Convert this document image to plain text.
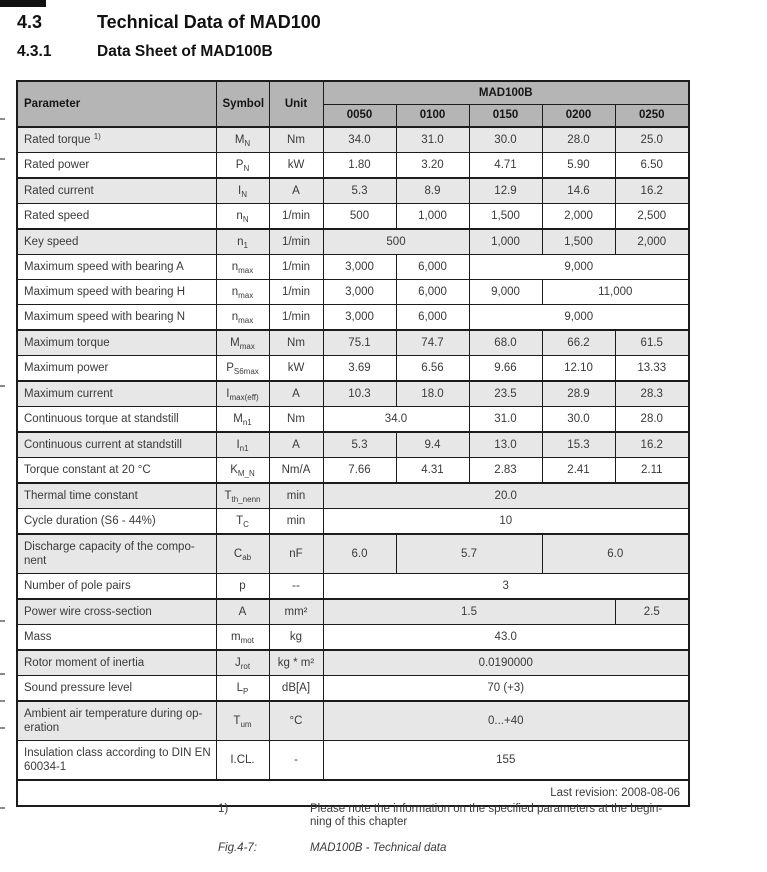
4.3	Technical Data of MAD100
4.3.1	Data Sheet of MAD100B
Parameter	Symbol	Unit	MAD100B				
			0050	0100	0150	0200	0250
Rated torque $^{1)}$	$M_N$	Nm	34.0	31.0	30.0	28.0	25.0
Rated power	$P_N$	kW	1.80	3.20	4.71	5.90	6.50
Rated current	$I_N$	A	5.3	8.9	12.9	14.6	16.2
Rated speed	$n_N$	1/min	500	1,000	1,500	2,000	2,500
Key speed	$n_1$	1/min	500		1,000	1,500	2,000
Maximum speed with bearing A	$n_{max}$	1/min	3,000	6,000	9,000		
Maximum speed with bearing H	$n_{max}$	1/min	3,000	6,000	9,000	11,000	
Maximum speed with bearing N	$n_{max}$	1/min	3,000	6,000	9,000		
Maximum torque	$M_{max}$	Nm	75.1	74.7	68.0	66.2	61.5
Maximum power	$P_{S6max}$	kW	3.69	6.56	9.66	12.10	13.33
Maximum current	$I_{max(eff)}$	A	10.3	18.0	23.5	28.9	28.3
Continuous torque at standstill	$M_{n1}$	Nm	34.0		31.0	30.0	28.0
Continuous current at standstill	$I_{n1}$	A	5.3	9.4	13.0	15.3	16.2
Torque constant at 20 °C	$K_{M\_N}$	Nm/A	7.66	4.31	2.83	2.41	2.11
Thermal time constant	$T_{th\_nenn}$	min	20.0				
Cycle duration (S6 - 44%)	$T_C$	min	10				
Discharge capacity of the compo-
nent	$C_{ab}$	nF	6.0	5.7		6.0	
Number of pole pairs	p	--	3				
Power wire cross-section	A	mm²	1.5				2.5
Mass	$m_{mot}$	kg	43.0				
Rotor moment of inertia	$J_{rot}$	kg * m²	0.0190000				
Sound pressure level	$L_P$	dB[A]	70 (+3)				
Ambient air temperature during op-
eration	$T_{um}$	°C	0...+40				
Insulation class according to DIN EN
60034-1	I.CL.	-	155				
Last revision: 2008-08-06							
1)	Please note the information on the specified parameters at the begin-
ning of this chapter
Fig.4-7:	MAD100B - Technical data
